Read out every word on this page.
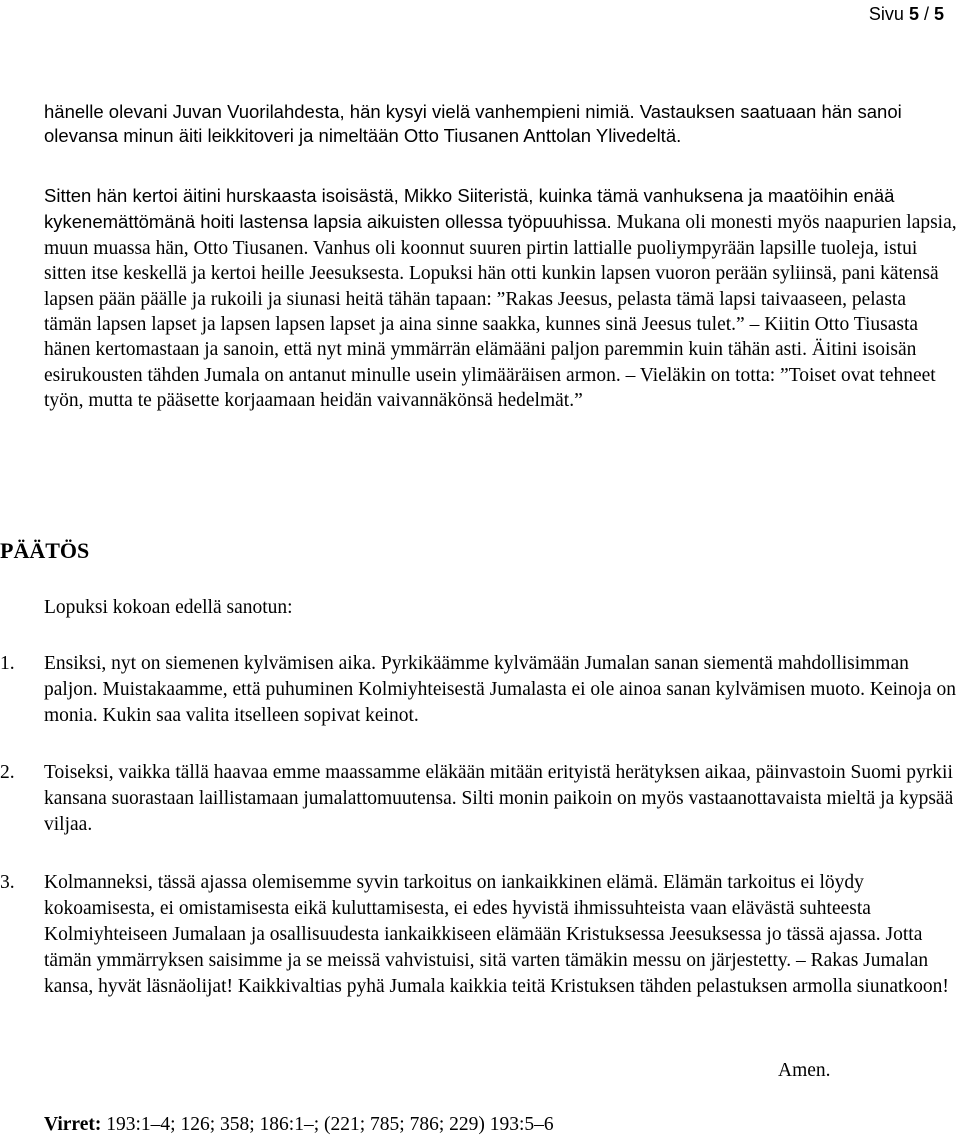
Sivu 5 / 5

hänelle olevani Juvan Vuorilahdesta, hän kysyi vielä vanhempieni nimiä. Vastauksen saatuaan hän sanoi olevansa minun äiti leikkitoveri ja nimeltään Otto Tiusanen Anttolan Ylivedeltä.

Sitten hän kertoi äitini hurskaasta isoisästä, Mikko Siiteristä, kuinka tämä vanhuksena ja maatöihin enää kykenemättömänä hoiti lastensa lapsia aikuisten ollessa työpuuhissa. Mukana oli monesti myös naapurien lapsia, muun muassa hän, Otto Tiusanen. Vanhus oli koonnut suuren pirtin lattialle puoliympyrään lapsille tuoleja, istui sitten itse keskellä ja kertoi heille Jeesuksesta. Lopuksi hän otti kunkin lapsen vuoron perään syliinsä, pani kätensä lapsen pään päälle ja rukoili ja siunasi heitä tähän tapaan: ”Rakas Jeesus, pelasta tämä lapsi taivaaseen, pelasta tämän lapsen lapset ja lapsen lapsen lapset ja aina sinne saakka, kunnes sinä Jeesus tulet.” – Kiitin Otto Tiusasta hänen kertomastaan ja sanoin, että nyt minä ymmärrän elämääni paljon paremmin kuin tähän asti. Äitini isoisän esirukousten tähden Jumala on antanut minulle usein ylimääräisen armon. – Vieläkin on totta: ”Toiset ovat tehneet työn, mutta te pääsette korjaamaan heidän vaivannäkönsä hedelmät.”

PÄÄTÖS
Lopuksi kokoan edellä sanotun:
1. Ensiksi, nyt on siemenen kylvämisen aika. Pyrkikäämme kylvämään Jumalan sanan siementä mahdollisimman paljon. Muistakaamme, että puhuminen Kolmiyhteisestä Jumalasta ei ole ainoa sanan kylvämisen muoto. Keinoja on monia. Kukin saa valita itselleen sopivat keinot.
2. Toiseksi, vaikka tällä haavaa emme maassamme eläkään mitään erityistä herätyksen aikaa, päinvastoin Suomi pyrkii kansana suorastaan laillistamaan jumalattomuutensa. Silti monin paikoin on myös vastaanottavaista mieltä ja kypsää viljaa.
3. Kolmanneksi, tässä ajassa olemisemme syvin tarkoitus on iankaikkinen elämä. Elämän tarkoitus ei löydy kokoamisesta, ei omistamisesta eikä kuluttamisesta, ei edes hyvistä ihmissuhteista vaan elävästä suhteesta Kolmiyhteiseen Jumalaan ja osallisuudesta iankaikkiseen elämään Kristuksessa Jeesuksessa jo tässä ajassa. Jotta tämän ymmärryksen saisimme ja se meissä vahvistuisi, sitä varten tämäkin messu on järjestetty. – Rakas Jumalan kansa, hyvät läsnäolijat! Kaikkivaltias pyhä Jumala kaikkia teitä Kristuksen tähden pelastuksen armolla siunatkoon!
Amen.
Virret: 193:1–4; 126; 358; 186:1–; (221; 785; 786; 229) 193:5–6
